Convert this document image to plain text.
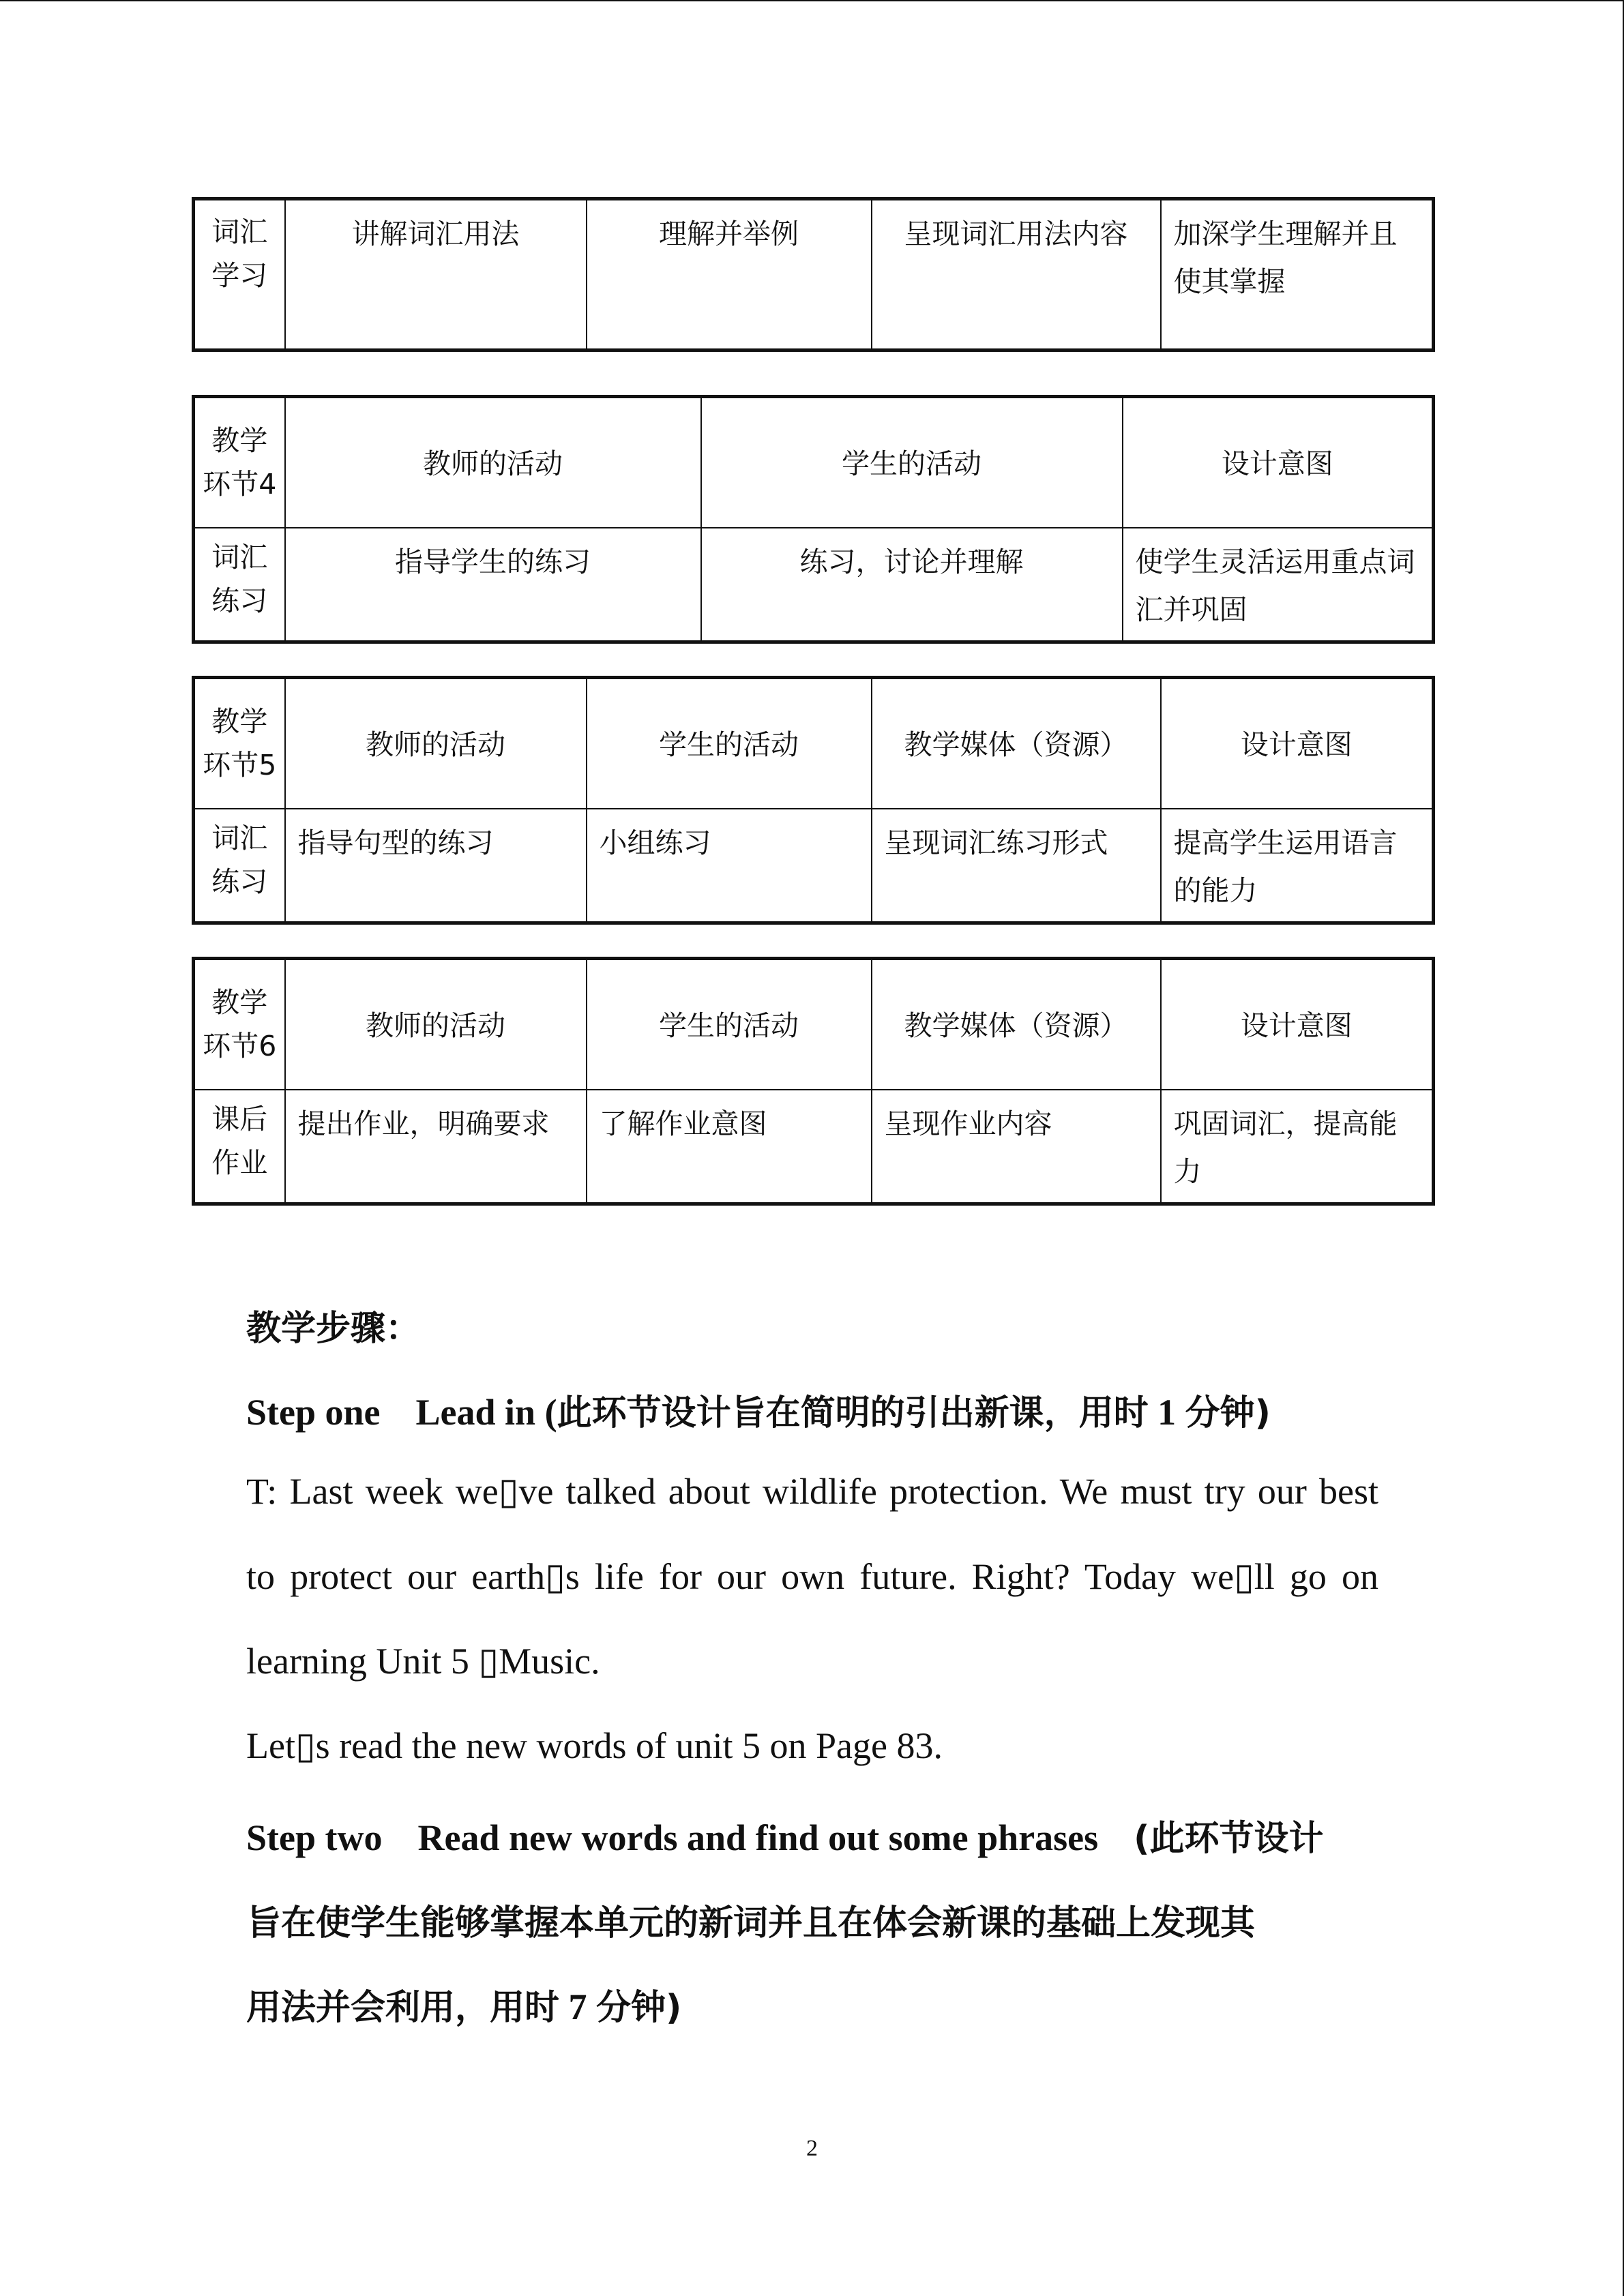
词汇学习	讲解词汇用法	理解并举例	呈现词汇用法内容	加深学生理解并且使其掌握
教学环节4	教师的活动	学生的活动	设计意图
词汇练习	指导学生的练习	练习，讨论并理解	使学生灵活运用重点词汇并巩固
教学环节5	教师的活动	学生的活动	教学媒体（资源）	设计意图
词汇练习	指导句型的练习	小组练习	呈现词汇练习形式	提高学生运用语言的能力
教学环节6	教师的活动	学生的活动	教学媒体（资源）	设计意图
课后作业	提出作业，明确要求	了解作业意图	呈现作业内容	巩固词汇，提高能力
教学步骤：
Step one Lead in (此环节设计旨在简明的引出新课，用时 1 分钟)
T: Last week we▯ve talked about wildlife protection. We must try our best
to protect our earth▯s life for our own future. Right? Today we▯ll go on
learning Unit 5 ▯Music.
Let▯s read the new words of unit 5 on Page 83.
Step two Read new words and find out some phrases (此环节设计
旨在使学生能够掌握本单元的新词并且在体会新课的基础上发现其
用法并会利用，用时 7 分钟)
2
